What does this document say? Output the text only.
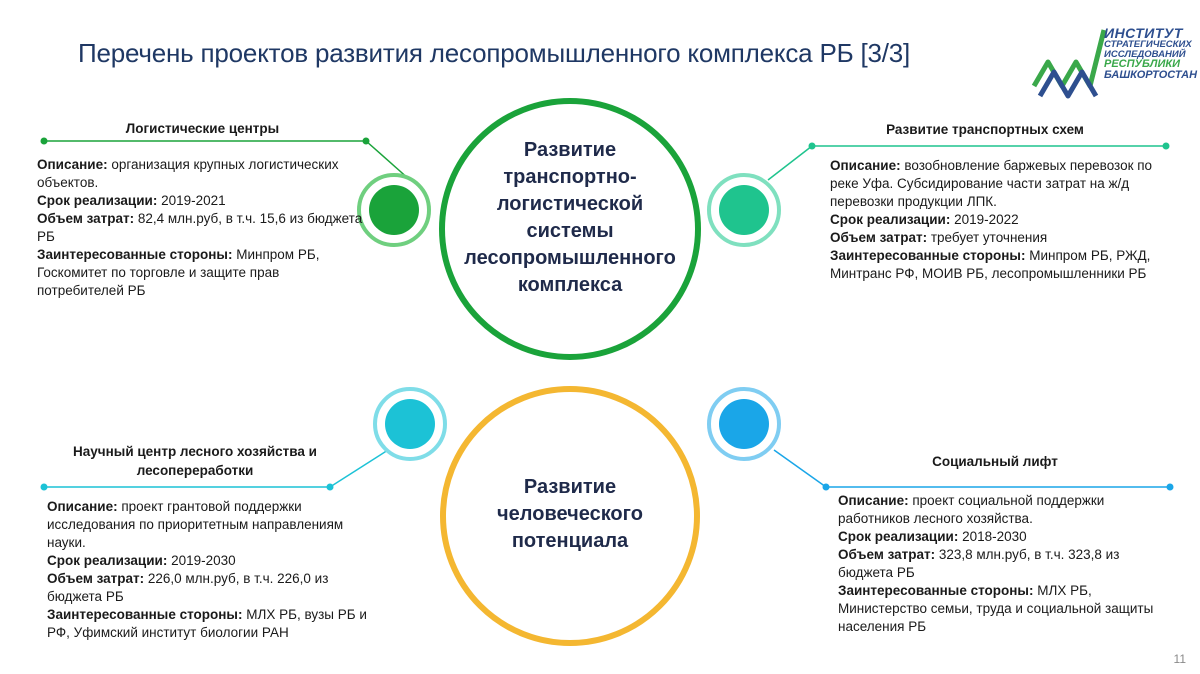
Перечень проектов развития лесопромышленного комплекса РБ [3/3]
ИНСТИТУТ
СТРАТЕГИЧЕСКИХ
ИССЛЕДОВАНИЙ
РЕСПУБЛИКИ
БАШКОРТОСТАН
Развитие
транспортно-
логистической
системы
лесопромышленного
комплекса
Развитие
человеческого
потенциала
Логистические центры	Развитие транспортных схем
Научный центр лесного хозяйства и
лесопереработки
Социальный лифт
Описание: организация крупных логистических объектов.
Срок реализации: 2019-2021
Объем затрат: 82,4 млн.руб, в т.ч. 15,6 из бюджета РБ
Заинтересованные стороны: Минпром РБ, Госкомитет по торговле и защите прав потребителей РБ
Описание: возобновление баржевых перевозок по реке Уфа. Субсидирование части затрат на ж/д перевозки продукции ЛПК.
Срок реализации: 2019-2022
Объем затрат: требует уточнения
Заинтересованные стороны: Минпром РБ, РЖД, Минтранс РФ, МОИВ РБ, лесопромышленники РБ
Описание: проект грантовой поддержки исследования по приоритетным направлениям науки.
Срок реализации: 2019-2030
Объем затрат: 226,0 млн.руб, в т.ч. 226,0 из бюджета РБ
Заинтересованные стороны: МЛХ РБ, вузы РБ и РФ, Уфимский институт биологии РАН
Описание: проект социальной поддержки работников лесного хозяйства.
Срок реализации: 2018-2030
Объем затрат: 323,8 млн.руб, в т.ч. 323,8 из бюджета РБ
Заинтересованные стороны: МЛХ РБ, Министерство семьи, труда и социальной защиты населения РБ
11
